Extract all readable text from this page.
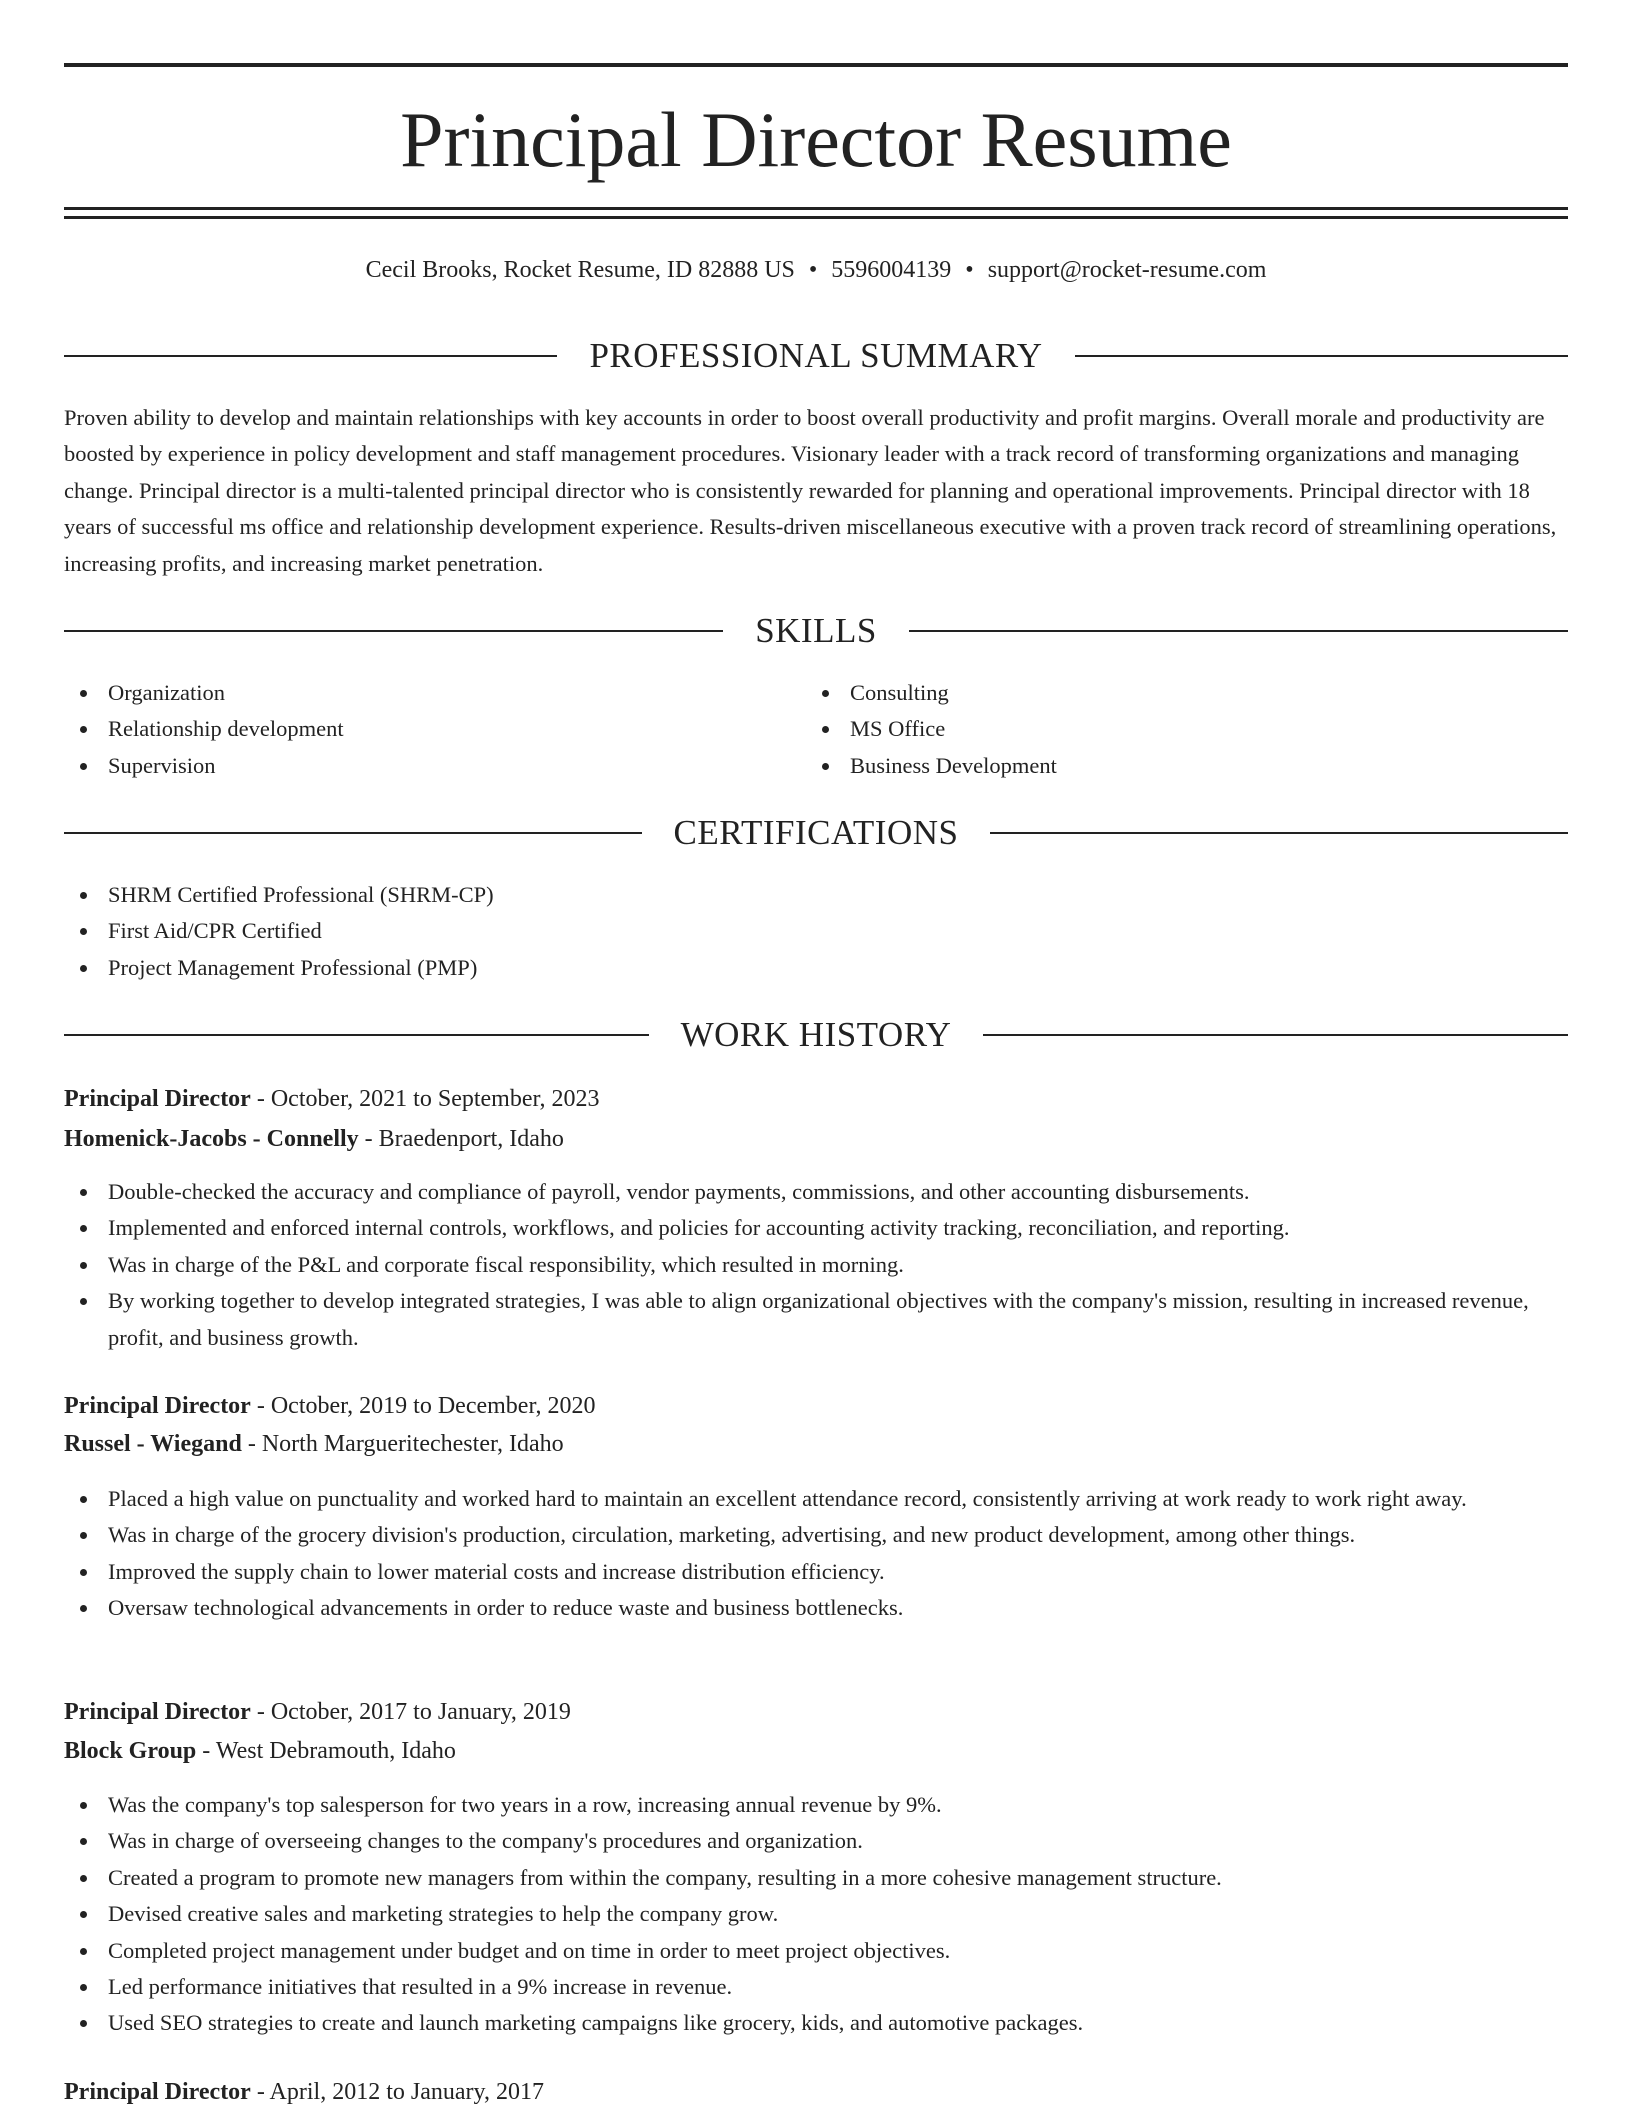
Principal Director Resume
Cecil Brooks, Rocket Resume, ID 82888 US • 5596004139 • support@rocket-resume.com
PROFESSIONAL SUMMARY

Proven ability to develop and maintain relationships with key accounts in order to boost overall productivity and profit margins. Overall morale and productivity are boosted by experience in policy development and staff management procedures. Visionary leader with a track record of transforming organizations and managing change. Principal director is a multi-talented principal director who is consistently rewarded for planning and operational improvements. Principal director with 18 years of successful ms office and relationship development experience. Results-driven miscellaneous executive with a proven track record of streamlining operations, increasing profits, and increasing market penetration.

SKILLS
Organization
Relationship development
Supervision
Consulting
MS Office
Business Development
CERTIFICATIONS
SHRM Certified Professional (SHRM-CP)
First Aid/CPR Certified
Project Management Professional (PMP)
WORK HISTORY
Principal Director - October, 2021 to September, 2023
Homenick-Jacobs - Connelly - Braedenport, Idaho
Double-checked the accuracy and compliance of payroll, vendor payments, commissions, and other accounting disbursements.
Implemented and enforced internal controls, workflows, and policies for accounting activity tracking, reconciliation, and reporting.
Was in charge of the P&L and corporate fiscal responsibility, which resulted in morning.
By working together to develop integrated strategies, I was able to align organizational objectives with the company's mission, resulting in increased revenue, profit, and business growth.
Principal Director - October, 2019 to December, 2020
Russel - Wiegand - North Margueritechester, Idaho
Placed a high value on punctuality and worked hard to maintain an excellent attendance record, consistently arriving at work ready to work right away.
Was in charge of the grocery division's production, circulation, marketing, advertising, and new product development, among other things.
Improved the supply chain to lower material costs and increase distribution efficiency.
Oversaw technological advancements in order to reduce waste and business bottlenecks.
Principal Director - October, 2017 to January, 2019
Block Group - West Debramouth, Idaho
Was the company's top salesperson for two years in a row, increasing annual revenue by 9%.
Was in charge of overseeing changes to the company's procedures and organization.
Created a program to promote new managers from within the company, resulting in a more cohesive management structure.
Devised creative sales and marketing strategies to help the company grow.
Completed project management under budget and on time in order to meet project objectives.
Led performance initiatives that resulted in a 9% increase in revenue.
Used SEO strategies to create and launch marketing campaigns like grocery, kids, and automotive packages.
Principal Director - April, 2012 to January, 2017
